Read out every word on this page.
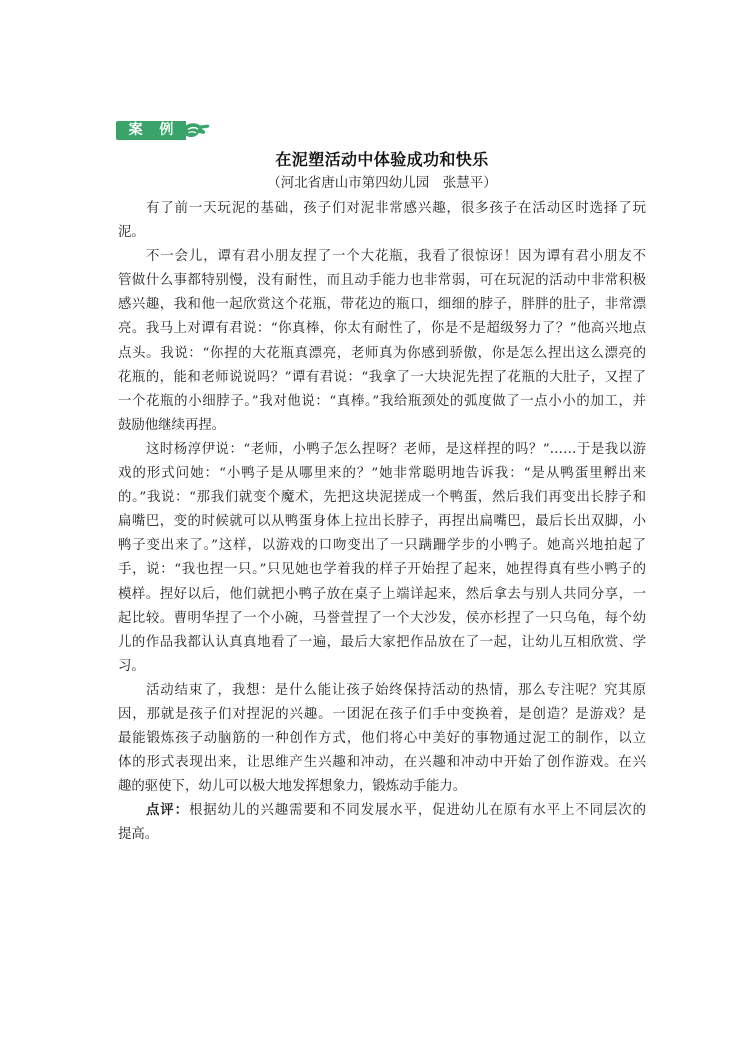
案 例
在泥塑活动中体验成功和快乐
（河北省唐山市第四幼儿园　张慧平）
有了前一天玩泥的基础，孩子们对泥非常感兴趣，很多孩子在活动区时选择了玩
泥。
不一会儿，谭有君小朋友捏了一个大花瓶，我看了很惊讶！因为谭有君小朋友不
管做什么事都特别慢，没有耐性，而且动手能力也非常弱，可在玩泥的活动中非常积极
感兴趣，我和他一起欣赏这个花瓶，带花边的瓶口，细细的脖子，胖胖的肚子，非常漂
亮。我马上对谭有君说：“你真棒，你太有耐性了，你是不是超级努力了？”他高兴地点
点头。我说：“你捏的大花瓶真漂亮，老师真为你感到骄傲，你是怎么捏出这么漂亮的
花瓶的，能和老师说说吗？”谭有君说：“我拿了一大块泥先捏了花瓶的大肚子，又捏了
一个花瓶的小细脖子。”我对他说：“真棒。”我给瓶颈处的弧度做了一点小小的加工，并
鼓励他继续再捏。
这时杨淳伊说：“老师，小鸭子怎么捏呀？老师，是这样捏的吗？”……于是我以游
戏的形式问她：“小鸭子是从哪里来的？”她非常聪明地告诉我：“是从鸭蛋里孵出来
的。”我说：“那我们就变个魔术，先把这块泥搓成一个鸭蛋，然后我们再变出长脖子和
扁嘴巴，变的时候就可以从鸭蛋身体上拉出长脖子，再捏出扁嘴巴，最后长出双脚，小
鸭子变出来了。”这样，以游戏的口吻变出了一只蹒跚学步的小鸭子。她高兴地拍起了
手，说：“我也捏一只。”只见她也学着我的样子开始捏了起来，她捏得真有些小鸭子的
模样。捏好以后，他们就把小鸭子放在桌子上端详起来，然后拿去与别人共同分享，一
起比较。曹明华捏了一个小碗，马誉萱捏了一个大沙发，侯亦杉捏了一只乌龟，每个幼
儿的作品我都认认真真地看了一遍，最后大家把作品放在了一起，让幼儿互相欣赏、学
习。
活动结束了，我想：是什么能让孩子始终保持活动的热情，那么专注呢？究其原
因，那就是孩子们对捏泥的兴趣。一团泥在孩子们手中变换着，是创造？是游戏？是
最能锻炼孩子动脑筋的一种创作方式，他们将心中美好的事物通过泥工的制作，以立
体的形式表现出来，让思维产生兴趣和冲动，在兴趣和冲动中开始了创作游戏。在兴
趣的驱使下，幼儿可以极大地发挥想象力，锻炼动手能力。
点评：根据幼儿的兴趣需要和不同发展水平，促进幼儿在原有水平上不同层次的
提高。
